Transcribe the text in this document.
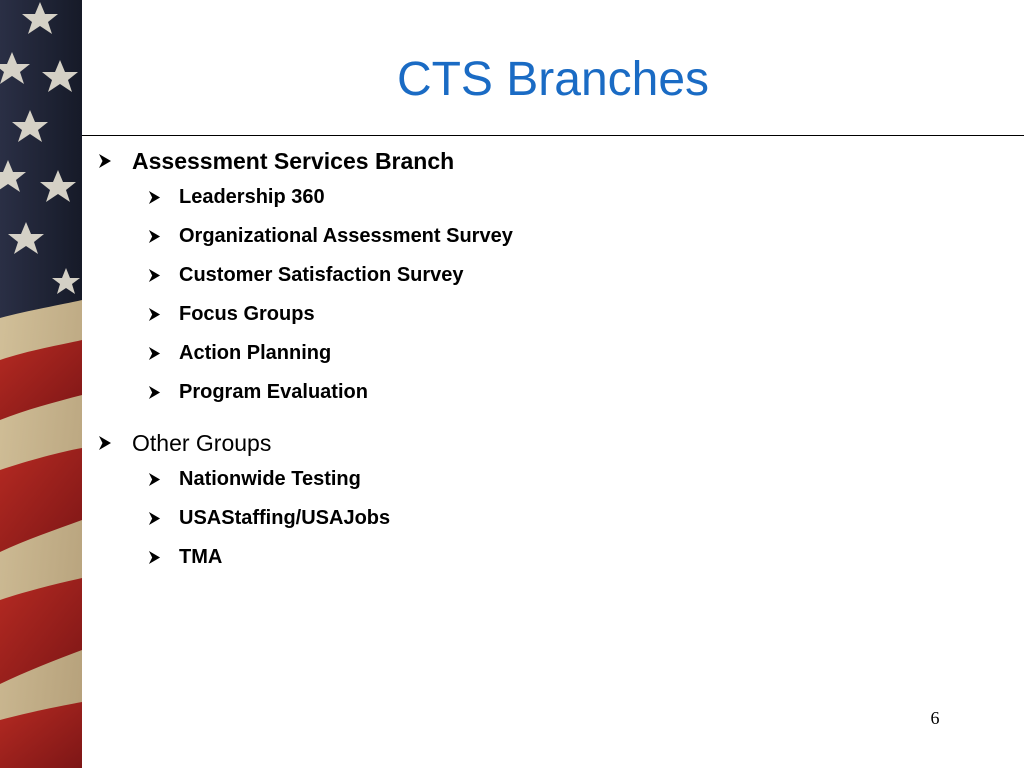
CTS Branches
Assessment Services Branch
Leadership 360
Organizational Assessment Survey
Customer Satisfaction Survey
Focus Groups
Action Planning
Program Evaluation
Other Groups
Nationwide Testing
USAStaffing/USAJobs
TMA
6
